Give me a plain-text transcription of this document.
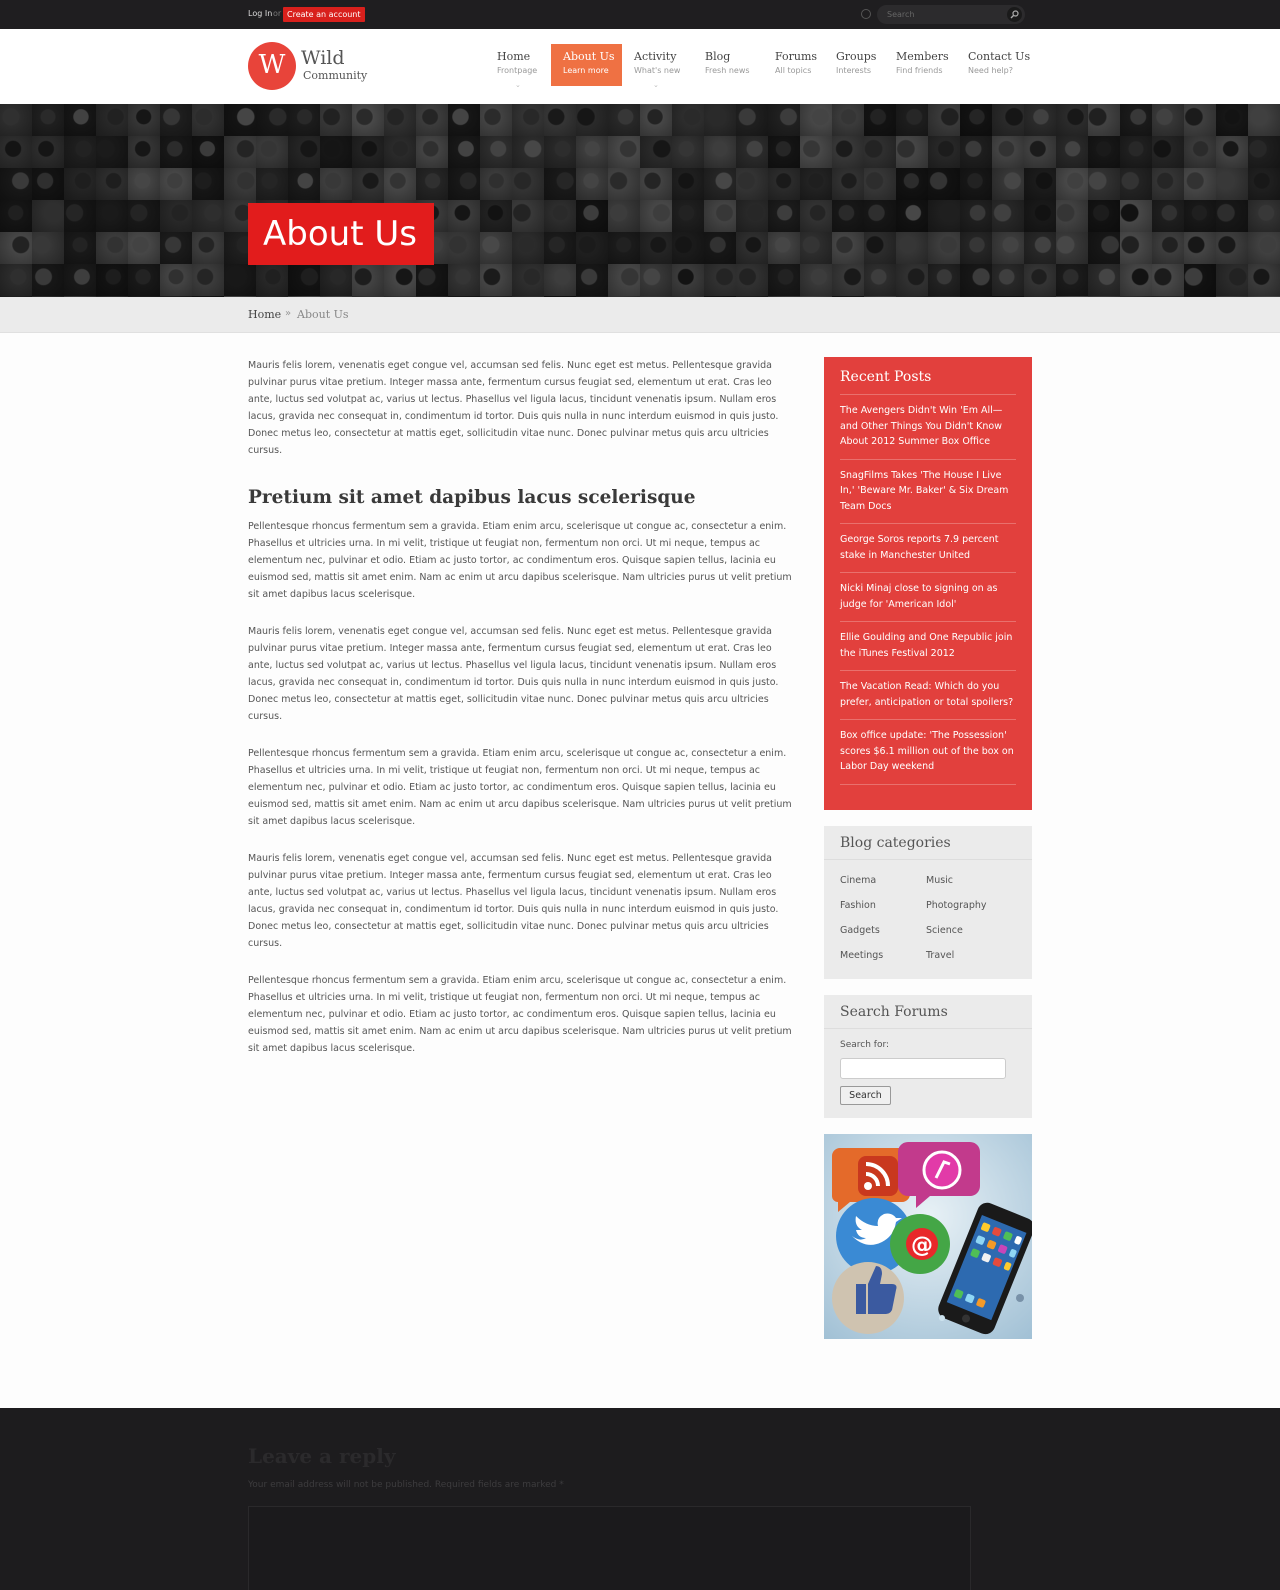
Log In or Create an account	Search
W Wild
Community
Home
Frontpage
⌄
About Us
Learn more
Activity
What's new
⌄
Blog
Fresh news
Forums
All topics
Groups
Interests
Members
Find friends
Contact Us
Need help?
About Us
Home » About Us

Mauris felis lorem, venenatis eget congue vel, accumsan sed felis. Nunc eget est metus. Pellentesque gravida pulvinar purus vitae pretium. Integer massa ante, fermentum cursus feugiat sed, elementum ut erat. Cras leo ante, luctus sed volutpat ac, varius ut lectus. Phasellus vel ligula lacus, tincidunt venenatis ipsum. Nullam eros lacus, gravida nec consequat in, condimentum id tortor. Duis quis nulla in nunc interdum euismod in quis justo. Donec metus leo, consectetur at mattis eget, sollicitudin vitae nunc. Donec pulvinar metus quis arcu ultricies cursus.

Pretium sit amet dapibus lacus scelerisque

Pellentesque rhoncus fermentum sem a gravida. Etiam enim arcu, scelerisque ut congue ac, consectetur a enim. Phasellus et ultricies urna. In mi velit, tristique ut feugiat non, fermentum non orci. Ut mi neque, tempus ac elementum nec, pulvinar et odio. Etiam ac justo tortor, ac condimentum eros. Quisque sapien tellus, lacinia eu euismod sed, mattis sit amet enim. Nam ac enim ut arcu dapibus scelerisque. Nam ultricies purus ut velit pretium sit amet dapibus lacus scelerisque.

Mauris felis lorem, venenatis eget congue vel, accumsan sed felis. Nunc eget est metus. Pellentesque gravida pulvinar purus vitae pretium. Integer massa ante, fermentum cursus feugiat sed, elementum ut erat. Cras leo ante, luctus sed volutpat ac, varius ut lectus. Phasellus vel ligula lacus, tincidunt venenatis ipsum. Nullam eros lacus, gravida nec consequat in, condimentum id tortor. Duis quis nulla in nunc interdum euismod in quis justo. Donec metus leo, consectetur at mattis eget, sollicitudin vitae nunc. Donec pulvinar metus quis arcu ultricies cursus.

Pellentesque rhoncus fermentum sem a gravida. Etiam enim arcu, scelerisque ut congue ac, consectetur a enim. Phasellus et ultricies urna. In mi velit, tristique ut feugiat non, fermentum non orci. Ut mi neque, tempus ac elementum nec, pulvinar et odio. Etiam ac justo tortor, ac condimentum eros. Quisque sapien tellus, lacinia eu euismod sed, mattis sit amet enim. Nam ac enim ut arcu dapibus scelerisque. Nam ultricies purus ut velit pretium sit amet dapibus lacus scelerisque.

Mauris felis lorem, venenatis eget congue vel, accumsan sed felis. Nunc eget est metus. Pellentesque gravida pulvinar purus vitae pretium. Integer massa ante, fermentum cursus feugiat sed, elementum ut erat. Cras leo ante, luctus sed volutpat ac, varius ut lectus. Phasellus vel ligula lacus, tincidunt venenatis ipsum. Nullam eros lacus, gravida nec consequat in, condimentum id tortor. Duis quis nulla in nunc interdum euismod in quis justo. Donec metus leo, consectetur at mattis eget, sollicitudin vitae nunc. Donec pulvinar metus quis arcu ultricies cursus.

Pellentesque rhoncus fermentum sem a gravida. Etiam enim arcu, scelerisque ut congue ac, consectetur a enim. Phasellus et ultricies urna. In mi velit, tristique ut feugiat non, fermentum non orci. Ut mi neque, tempus ac elementum nec, pulvinar et odio. Etiam ac justo tortor, ac condimentum eros. Quisque sapien tellus, lacinia eu euismod sed, mattis sit amet enim. Nam ac enim ut arcu dapibus scelerisque. Nam ultricies purus ut velit pretium sit amet dapibus lacus scelerisque.

Recent Posts
The Avengers Didn't Win 'Em All—and Other Things You Didn't Know About 2012 Summer Box Office
SnagFilms Takes 'The House I Live In,' 'Beware Mr. Baker' & Six Dream Team Docs
George Soros reports 7.9 percent stake in Manchester United
Nicki Minaj close to signing on as judge for 'American Idol'
Ellie Goulding and One Republic join the iTunes Festival 2012
The Vacation Read: Which do you prefer, anticipation or total spoilers?
Box office update: 'The Possession' scores $6.1 million out of the box on Labor Day weekend
Blog categories
Cinema	Music
Fashion	Photography
Gadgets	Science
Meetings	Travel
Search Forums
Search for:
Search
@
Leave a reply
Your email address will not be published. Required fields are marked *
